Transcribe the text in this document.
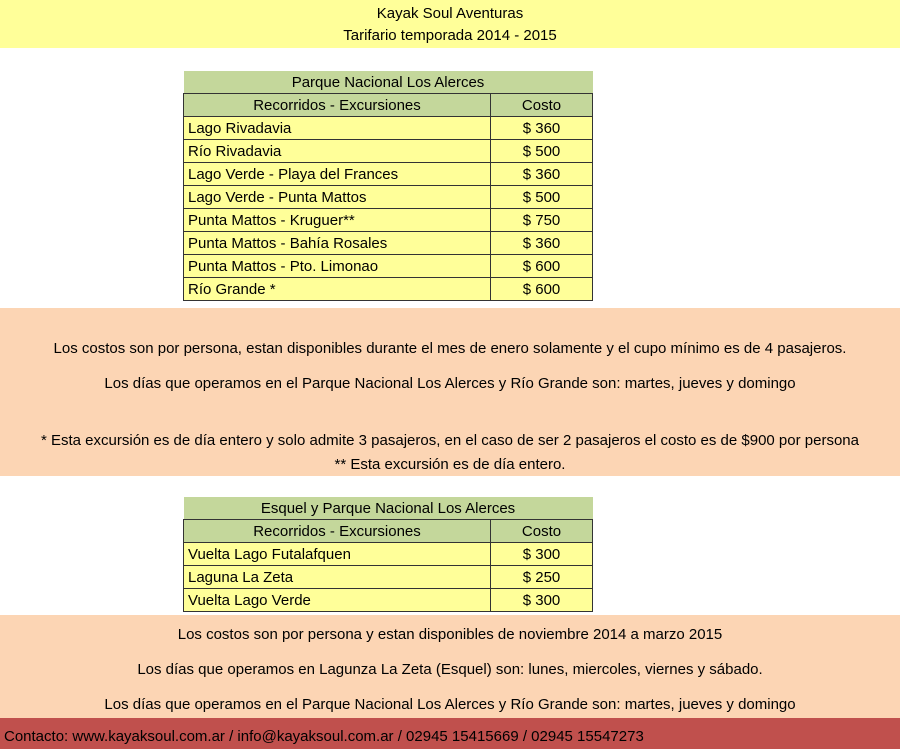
Kayak Soul Aventuras
Tarifario temporada 2014 - 2015
Parque Nacional Los Alerces	
Recorridos - Excursiones	Costo
Lago Rivadavia	$ 360
Río Rivadavia	$ 500
Lago Verde - Playa del Frances	$ 360
Lago Verde - Punta Mattos	$ 500
Punta Mattos - Kruguer**	$ 750
Punta Mattos - Bahía Rosales	$ 360
Punta Mattos - Pto. Limonao	$ 600
Río Grande *	$ 600

Los costos son por persona, estan disponibles durante el mes de enero solamente y el cupo mínimo es de 4 pasajeros.

Los días que operamos en el Parque Nacional Los Alerces y Río Grande son: martes, jueves y domingo

* Esta excursión es de día entero y solo admite 3 pasajeros, en el caso de ser 2 pasajeros el costo es de $900 por persona

** Esta excursión es de día entero.

Esquel y Parque Nacional Los Alerces	
Recorridos - Excursiones	Costo
Vuelta Lago Futalafquen	$ 300
Laguna La Zeta	$ 250
Vuelta Lago Verde	$ 300

Los costos son por persona y estan disponibles de noviembre 2014 a marzo 2015

Los días que operamos en Lagunza La Zeta (Esquel) son: lunes, miercoles, viernes y sábado.

Los días que operamos en el Parque Nacional Los Alerces y Río Grande son: martes, jueves y domingo

Contacto: www.kayaksoul.com.ar / info@kayaksoul.com.ar / 02945 15415669 / 02945 15547273
